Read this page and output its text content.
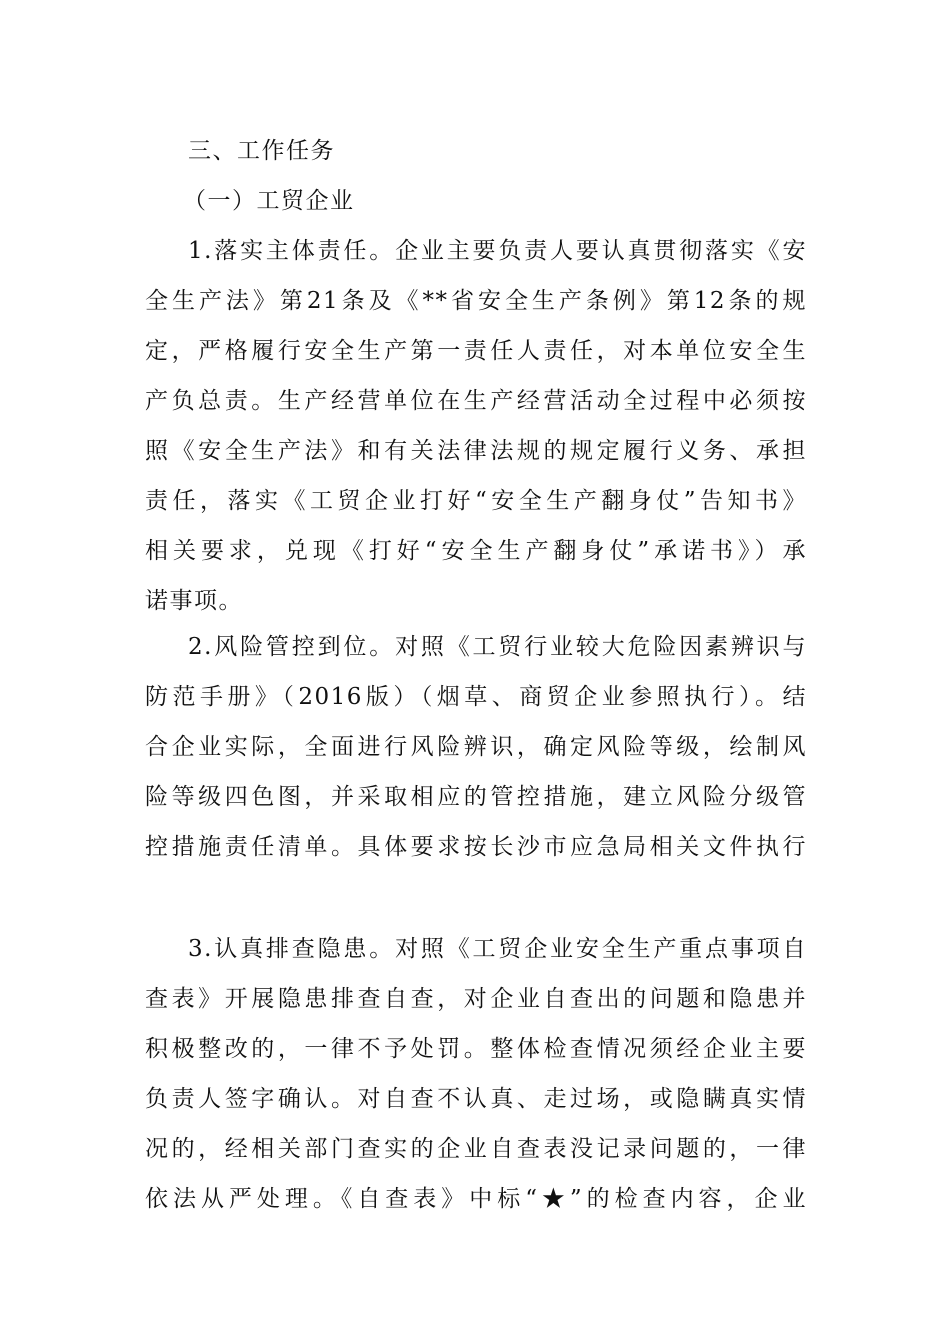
三、工作任务
（一）工贸企业
1.落实主体责任。企业主要负责人要认真贯彻落实《安
全生产法》第21条及《**省安全生产条例》第12条的规
定，严格履行安全生产第一责任人责任，对本单位安全生
产负总责。生产经营单位在生产经营活动全过程中必须按
照《安全生产法》和有关法律法规的规定履行义务、承担
责任，落实《工贸企业打好“安全生产翻身仗”告知书》
相关要求，兑现《打好“安全生产翻身仗”承诺书》）承
诺事项。
2.风险管控到位。对照《工贸行业较大危险因素辨识与
防范手册》（2016版）（烟草、商贸企业参照执行）。结
合企业实际，全面进行风险辨识，确定风险等级，绘制风
险等级四色图，并采取相应的管控措施，建立风险分级管
控措施责任清单。具体要求按长沙市应急局相关文件执行
3.认真排查隐患。对照《工贸企业安全生产重点事项自
查表》开展隐患排查自查，对企业自查出的问题和隐患并
积极整改的，一律不予处罚。整体检查情况须经企业主要
负责人签字确认。对自查不认真、走过场，或隐瞒真实情
况的，经相关部门查实的企业自查表没记录问题的，一律
依法从严处理。《自查表》中标“★”的检查内容，企业
